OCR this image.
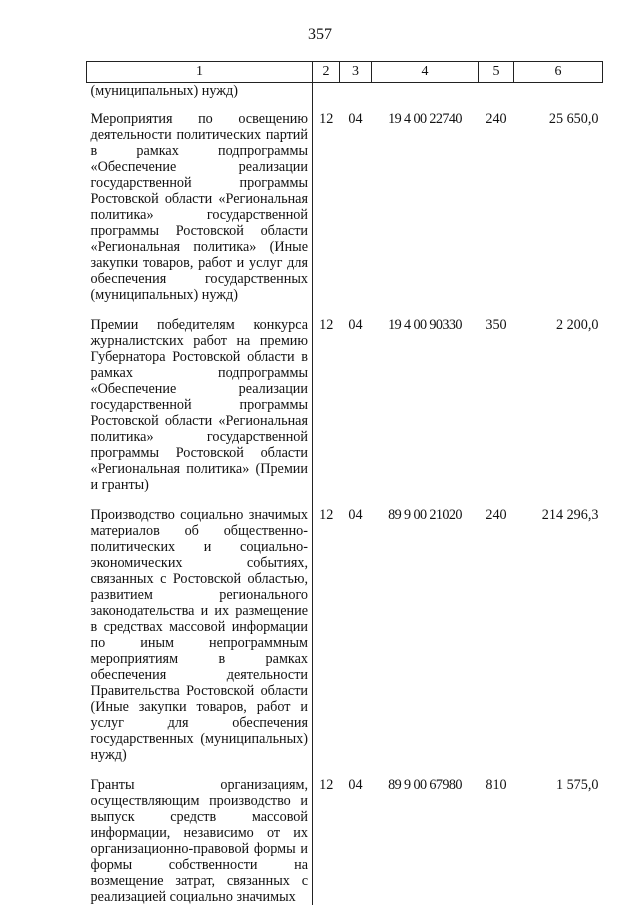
357
1	2	3	4	5	6
(муниципальных) нужд)					
Мероприятия по освещению деятельности политических партий в рамках подпрограммы «Обеспечение реализации государственной программы Ростовской области «Региональная политика» государственной программы Ростовской области «Региональная политика» (Иные закупки товаров, работ и услуг для обеспечения государственных (муниципальных) нужд)	12	04	19 4 00 22740	240	25 650,0
Премии победителям конкурса журналистских работ на премию Губернатора Ростовской области в рамках подпрограммы «Обеспечение реализации государственной программы Ростовской области «Региональная политика» государственной программы Ростовской области «Региональная политика» (Премии и гранты)	12	04	19 4 00 90330	350	2 200,0
Производство социально значимых материалов об общественно-политических и социально-экономических событиях, связанных с Ростовской областью, развитием регионального законодательства и их размещение в средствах массовой информации по иным непрограммным мероприятиям в рамках обеспечения деятельности Правительства Ростовской области (Иные закупки товаров, работ и услуг для обеспечения государственных (муниципальных) нужд)	12	04	89 9 00 21020	240	214 296,3
Гранты организациям, осуществляющим производство и выпуск средств массовой информации, независимо от их организационно-правовой формы и формы собственности на возмещение затрат, связанных с реализацией социально значимых	12	04	89 9 00 67980	810	1 575,0
